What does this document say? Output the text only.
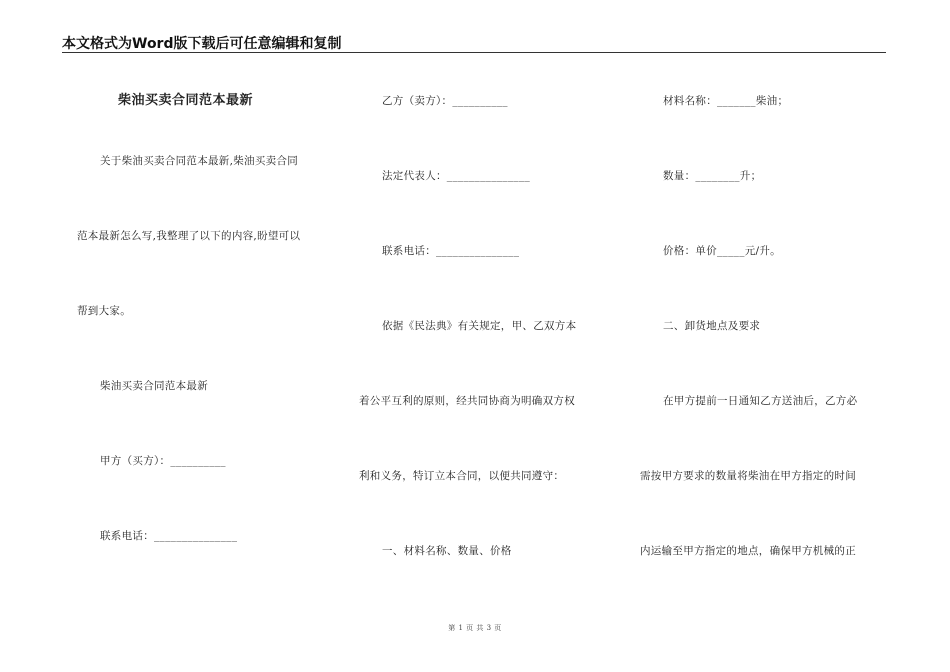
本文格式为Word版下载后可任意编辑和复制
柴油买卖合同范本最新
关于柴油买卖合同范本最新,柴油买卖合同
范本最新怎么写,我整理了以下的内容,盼望可以
帮到大家。
柴油买卖合同范本最新
甲方（买方）：__________
联系电话：_______________
乙方（卖方）：__________
法定代表人：_______________
联系电话：_______________
依据《民法典》有关规定，甲、乙双方本
着公平互利的原则，经共同协商为明确双方权
利和义务，特订立本合同，以便共同遵守：
一、材料名称、数量、价格
材料名称：_______柴油；
数量：________升；
价格：单价_____元/升。
二、卸货地点及要求
在甲方提前一日通知乙方送油后，乙方必
需按甲方要求的数量将柴油在甲方指定的时间
内运输至甲方指定的地点，确保甲方机械的正
第 1 页 共 3 页
